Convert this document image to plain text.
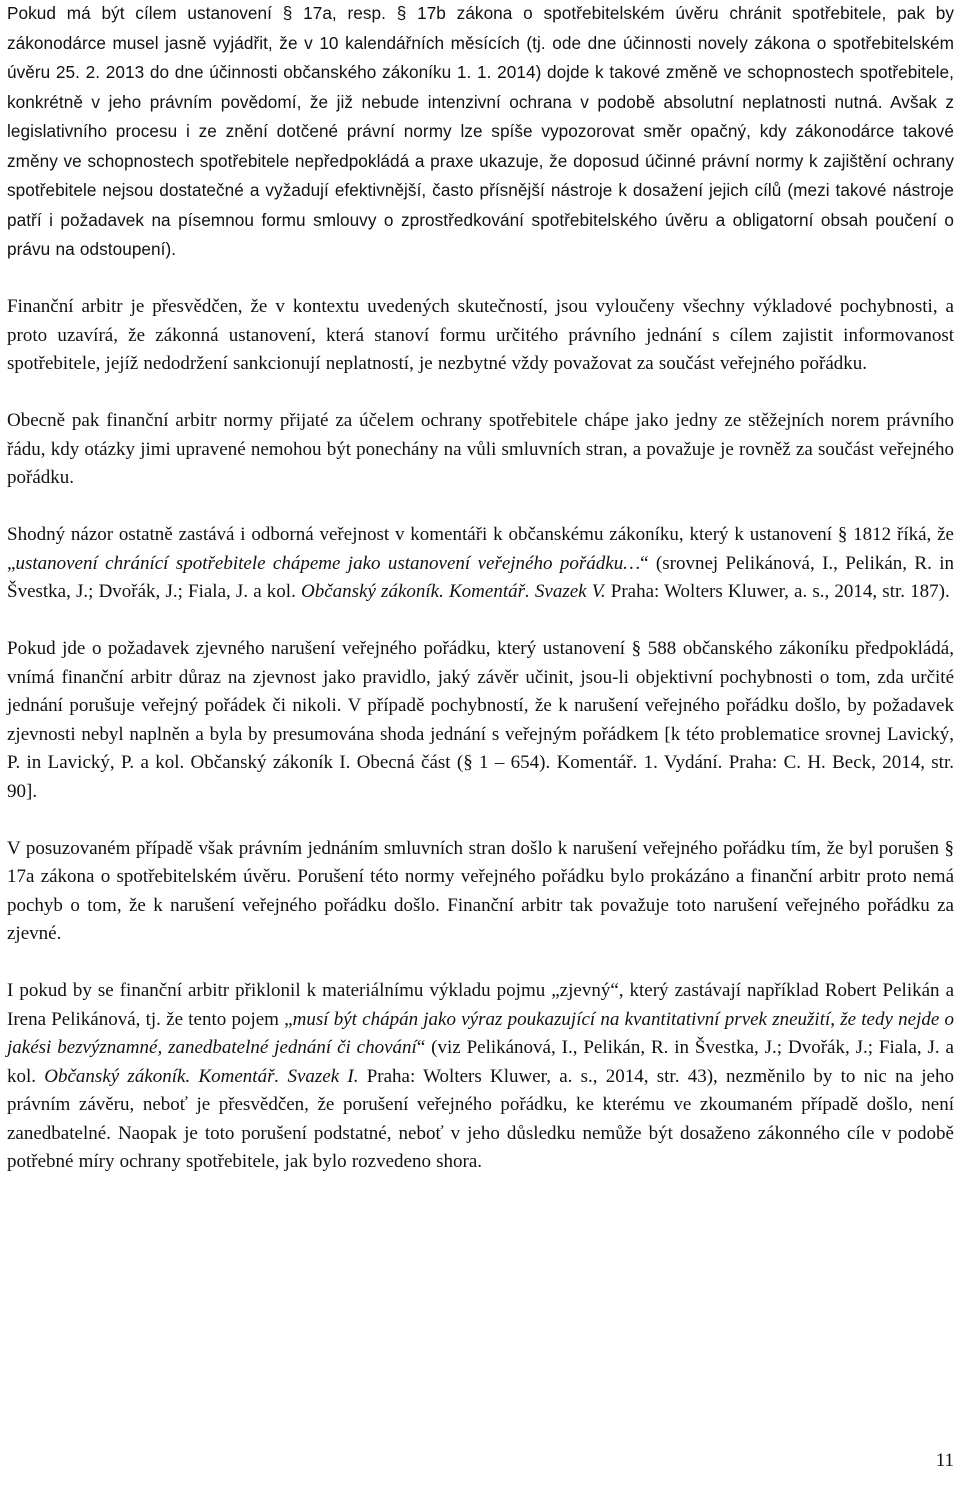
Pokud má být cílem ustanovení § 17a, resp. § 17b zákona o spotřebitelském úvěru chránit spotřebitele, pak by zákonodárce musel jasně vyjádřit, že v 10 kalendářních měsících (tj. ode dne účinnosti novely zákona o spotřebitelském úvěru 25. 2. 2013 do dne účinnosti občanského zákoníku 1. 1. 2014) dojde k takové změně ve schopnostech spotřebitele, konkrétně v jeho právním povědomí, že již nebude intenzivní ochrana v podobě absolutní neplatnosti nutná. Avšak z legislativního procesu i ze znění dotčené právní normy lze spíše vypozorovat směr opačný, kdy zákonodárce takové změny ve schopnostech spotřebitele nepředpokládá a praxe ukazuje, že doposud účinné právní normy k zajištění ochrany spotřebitele nejsou dostatečné a vyžadují efektivnější, často přísnější nástroje k dosažení jejich cílů (mezi takové nástroje patří i požadavek na písemnou formu smlouvy o zprostředkování spotřebitelského úvěru a obligatorní obsah poučení o právu na odstoupení).

Finanční arbitr je přesvědčen, že v kontextu uvedených skutečností, jsou vyloučeny všechny výkladové pochybnosti, a proto uzavírá, že zákonná ustanovení, která stanoví formu určitého právního jednání s cílem zajistit informovanost spotřebitele, jejíž nedodržení sankcionují neplatností, je nezbytné vždy považovat za součást veřejného pořádku.

Obecně pak finanční arbitr normy přijaté za účelem ochrany spotřebitele chápe jako jedny ze stěžejních norem právního řádu, kdy otázky jimi upravené nemohou být ponechány na vůli smluvních stran, a považuje je rovněž za součást veřejného pořádku.

Shodný názor ostatně zastává i odborná veřejnost v komentáři k občanskému zákoníku, který k ustanovení § 1812 říká, že „ustanovení chránící spotřebitele chápeme jako ustanovení veřejného pořádku…“ (srovnej Pelikánová, I., Pelikán, R. in Švestka, J.; Dvořák, J.; Fiala, J. a kol. Občanský zákoník. Komentář. Svazek V. Praha: Wolters Kluwer, a. s., 2014, str. 187).

Pokud jde o požadavek zjevného narušení veřejného pořádku, který ustanovení § 588 občanského zákoníku předpokládá, vnímá finanční arbitr důraz na zjevnost jako pravidlo, jaký závěr učinit, jsou-li objektivní pochybnosti o tom, zda určité jednání porušuje veřejný pořádek či nikoli. V případě pochybností, že k narušení veřejného pořádku došlo, by požadavek zjevnosti nebyl naplněn a byla by presumována shoda jednání s veřejným pořádkem [k této problematice srovnej Lavický, P. in Lavický, P. a kol. Občanský zákoník I. Obecná část (§ 1 – 654). Komentář. 1. Vydání. Praha: C. H. Beck, 2014, str. 90].

V posuzovaném případě však právním jednáním smluvních stran došlo k narušení veřejného pořádku tím, že byl porušen § 17a zákona o spotřebitelském úvěru. Porušení této normy veřejného pořádku bylo prokázáno a finanční arbitr proto nemá pochyb o tom, že k narušení veřejného pořádku došlo. Finanční arbitr tak považuje toto narušení veřejného pořádku za zjevné.

I pokud by se finanční arbitr přiklonil k materiálnímu výkladu pojmu „zjevný“, který zastávají například Robert Pelikán a Irena Pelikánová, tj. že tento pojem „musí být chápán jako výraz poukazující na kvantitativní prvek zneužití, že tedy nejde o jakési bezvýznamné, zanedbatelné jednání či chování“ (viz Pelikánová, I., Pelikán, R. in Švestka, J.; Dvořák, J.; Fiala, J. a kol. Občanský zákoník. Komentář. Svazek I. Praha: Wolters Kluwer, a. s., 2014, str. 43), nezměnilo by to nic na jeho právním závěru, neboť je přesvědčen, že porušení veřejného pořádku, ke kterému ve zkoumaném případě došlo, není zanedbatelné. Naopak je toto porušení podstatné, neboť v jeho důsledku nemůže být dosaženo zákonného cíle v podobě potřebné míry ochrany spotřebitele, jak bylo rozvedeno shora.

11
